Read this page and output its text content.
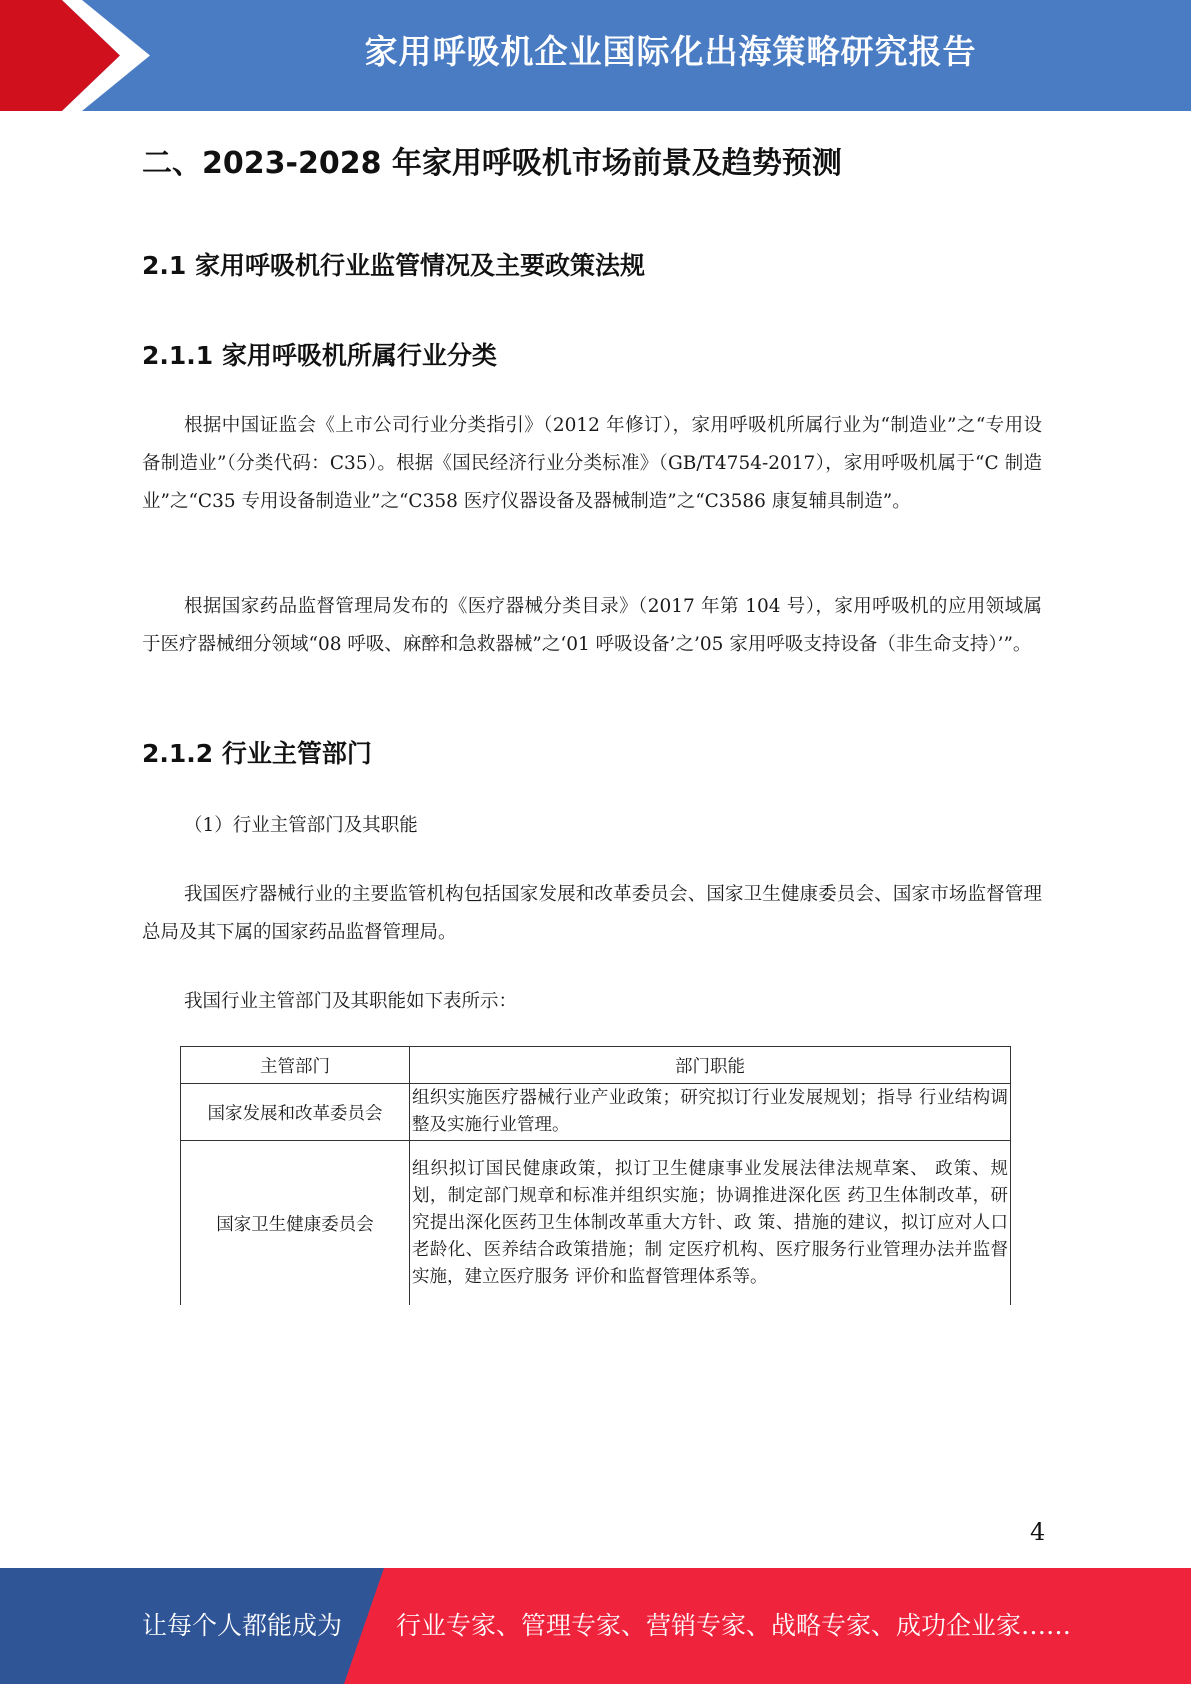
家用呼吸机企业国际化出海策略研究报告
二、2023-2028 年家用呼吸机市场前景及趋势预测
2.1 家用呼吸机行业监管情况及主要政策法规
2.1.1 家用呼吸机所属行业分类

根据中国证监会《上市公司行业分类指引》（2012 年修订），家用呼吸机所属行业为“制造业”之“专用设备制造业”（分类代码：C35）。根据《国民经济行业分类标准》（GB/T4754-2017），家用呼吸机属于“C 制造业”之“C35 专用设备制造业”之“C358 医疗仪器设备及器械制造”之“C3586 康复辅具制造”。

根据国家药品监督管理局发布的《医疗器械分类目录》（2017 年第 104 号），家用呼吸机的应用领域属于医疗器械细分领域“08 呼吸、麻醉和急救器械”之‘01 呼吸设备’之’05 家用呼吸支持设备（非生命支持）’”。

2.1.2 行业主管部门

（1）行业主管部门及其职能

我国医疗器械行业的主要监管机构包括国家发展和改革委员会、国家卫生健康委员会、国家市场监督管理总局及其下属的国家药品监督管理局。

我国行业主管部门及其职能如下表所示：

主管部门	部门职能
国家发展和改革委员会	组织实施医疗器械行业产业政策；研究拟订行业发展规划；指导 行业结构调整及实施行业管理。
国家卫生健康委员会	组织拟订国民健康政策，拟订卫生健康事业发展法律法规草案、 政策、规划，制定部门规章和标准并组织实施；协调推进深化医 药卫生体制改革，研究提出深化医药卫生体制改革重大方针、政 策、措施的建议，拟订应对人口老龄化、医养结合政策措施；制 定医疗机构、医疗服务行业管理办法并监督实施，建立医疗服务 评价和监督管理体系等。
4
让每个人都能成为 行业专家、管理专家、营销专家、战略专家、成功企业家……
